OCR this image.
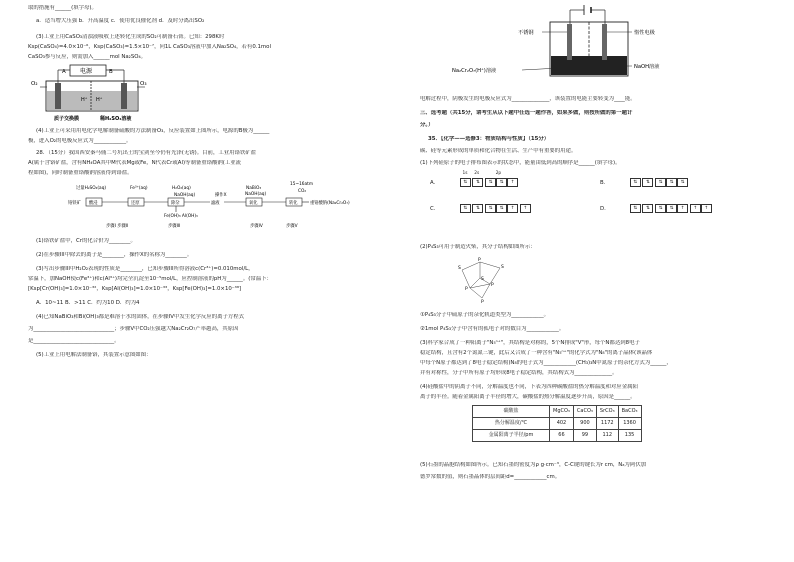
取的措施有______(填字母)。
a．适当增大压强 b．升高温度 c．使用优良催化剂 d．及时分离出SO₂
(3)工业上用CaSO₃清浊液吸收上述转化生成的SO₂可制备石膏。已知：298K时
Ksp(CaSO₄)=4.0×10⁻⁶，Ksp(CaSO₃)=1.5×10⁻⁷，向1L CaSO₃溶液中加入Na₂SO₄，若有0.1mol
CaSO₃参与反应，则需加入______mol Na₂SO₄。
电源
A	B
H⁺ H⁺
O₂	O₃
质子交换膜	稀H₂SO₄溶液
(4)工业上可采用用电化学电解制备硫酸的方法制备O₃，反应装置如上图所示，电源的B极为______
极，进入O₂的电极反应式为____________。
28．（15分）我国西安秦马俑二号坑出土的宝剑至今仍有光泽(无锈)。目前，工业用铬铁矿盐
A(属于含铬矿盐，含有NH₄OA其中M代表Mg或Fe，N代表Cr或Al)等制备重铬酸钠(工业流
程如图)，同时制备重铬酸钠溶液得到铬盐。
过量H₂SO₄(aq)	Fe³⁺(aq)	H₂O₂(aq)
NaOH(aq)	操作X
NaBiO₃
NaOH(aq)
15~16atm
CO₂
铬铁矿 酸浸	还原	除杂	滤液	氧化	转化	重铬酸钠(Na₂Cr₂O₇)
Fe(OH)₃ Al(OH)₃
步骤I 步骤II	步骤III	步骤IV	步骤V
(1)铬铁矿盐中，Cr的化合价为________。
(2)在步骤III中除去的离子是________，操作X的名称为________。
(3)写出步骤III中H₂O₂表现的性质是________，已知步骤III所得溶液c(Cr³⁺)=0.010mol/L，
常温下，加NaOH使c(Fe³⁺)和c(Al³⁺)均完全沉淀至10⁻⁵mol/L，应控制溶液的pH为______。(常温下：
[Ksp[Cr(OH)₃]=1.0×10⁻³²，Ksp[Al(OH)₃]=1.0×10⁻³³，Ksp[Fe(OH)₃]=1.0×10⁻³⁸]
A．10~11 B．>11 C．约为10 D．约为4
(4)已知NaBiO₃和Bi(OH)₃都是难溶于水的固体，在步骤IV中发生化学反应的离子方程式
为______________________________；步骤V中CO₂压强越大Na₂Cr₂O₇产率越高，其原因
是______________________________。
(5)工业上用电解法制备铬，其装置示意图如图：
不锈钢	惰性电极
Na₂Cr₂O₇(H⁺)溶液
NaOH溶液
电解过程中，阴极发生的电极反应式为______________，该装置的电能主要转变为____能。
三、选考题（共15分，请考生从以下题中任选一题作答，如果多做，则按所做的第一题计
分。）
35．【化学——选修3：物质结构与性质】（15分）
碳、硅等元素形成的单质和化合物在生活、生产中有重要的用途。
(1)下列硅原子的电子排布图表示的状态中，能量由低到高的顺序是______(填字母)。
1s 2s	2p
A.	⇅ ⇅ ⇅ ⇅ ↑	B.	⇅ ⇅ ⇅ ⇅ ⇅
C.	⇅ ⇅ ⇅ ⇅ ↑ ↑	D.	⇅ ⇅ ⇅ ⇅ ↑ ↑ ↑
(2)P₄S₃可用于制造火柴，其分子结构如图所示：
P
S	S
S
P
P
P
①P₄S₃分子中硫原子的杂化轨道类型为____________。
②1mol P₄S₃分子中含有的孤电子对的数目为____________。
(3)科学家合成了一种阳离子"N₅ⁿ⁺"，其结构是对称的，5个N排成"V"形，每个N都达到8电子
稳定结构，且含有2个氮氮三键，此后又合成了一种含有"N₅ⁿ⁺"的化学式为"N₈"的离子晶体(该晶体
中每个N原子都达到了8电子稳定结构)N₈的电子式为____________(CH₃)₃N中氮原子的杂化方式为______，
并有对称性，分子中所有原子均形成8电子稳定结构，其结构式为______________。
(4)硅酸盐中的阴离子不同，分解温度也不同，下表为四种碳酸盐的热分解温度和对应金属阳
离子的半径。随着金属阳离子半径的增大，碳酸盐的热分解温度逐步升高，原因是______。
碳酸盐	MgCO₃	CaCO₃	SrCO₃	BaCO₃
热分解温度/℃	402	900	1172	1360
金属阳离子半径/pm	66	99	112	135
(5)石墨的晶胞结构如图所示。已知石墨的密度为ρ g·cm⁻³，C-C键的键长为r cm，Nₐ为阿伏加
德罗常数的值，则石墨晶体的层间距d=____________cm。
